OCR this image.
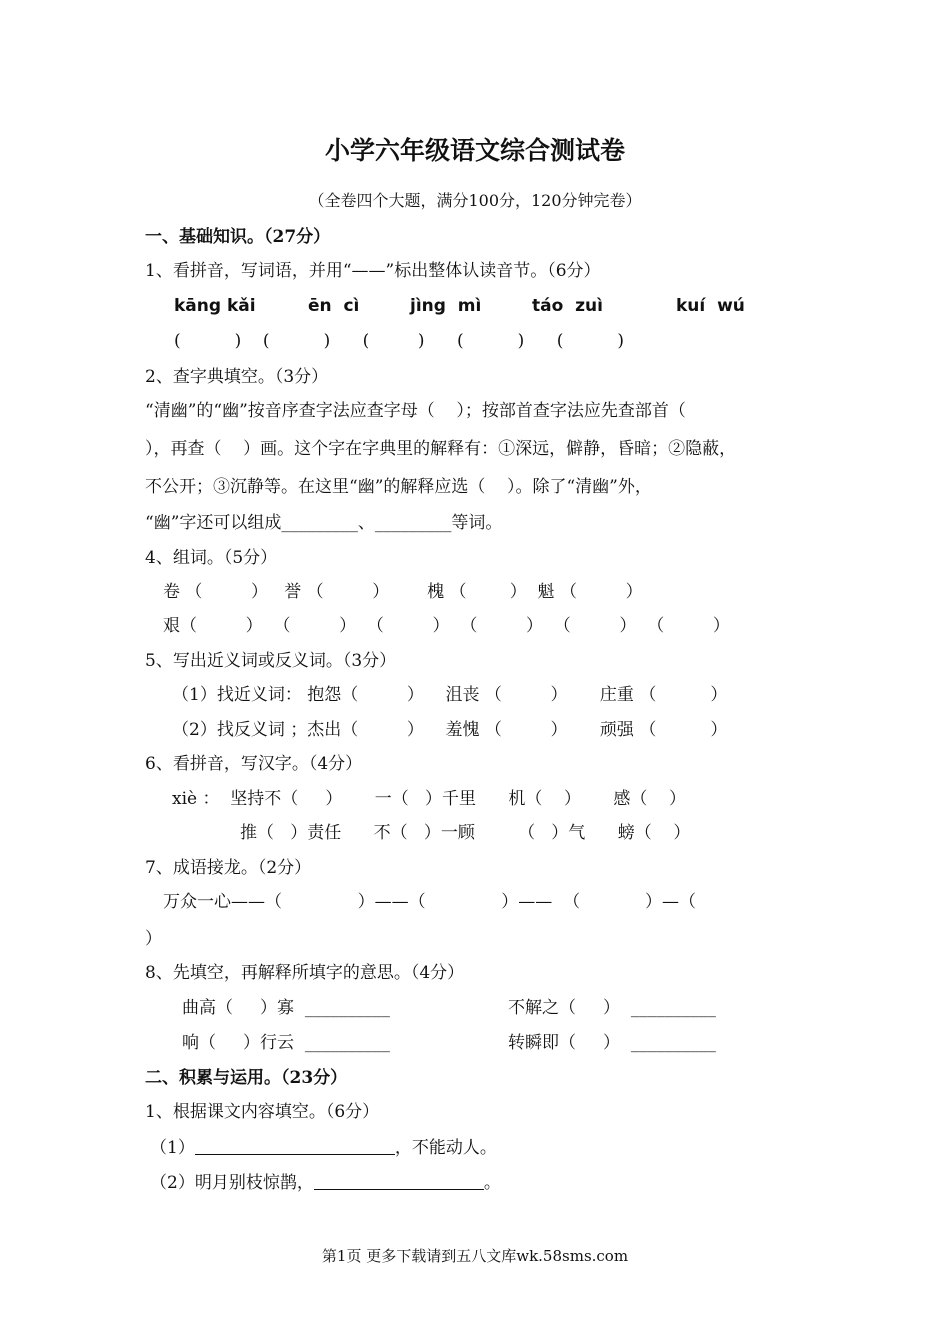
小学六年级语文综合测试卷
（全卷四个大题，满分100分，120分钟完卷）
一、基础知识。（27分）
1、看拼音，写词语，并用“——”标出整体认读音节。（6分）
kāng kǎi	ēn  cì	jìng  mì	táo  zuì	kuí  wú
(          )    (          )      (         )      (          )      (          )
2、查字典填空。（3分）
“清幽”的“幽”按音序查字法应查字母（    ）；按部首查字法应先查部首（
），再查（    ）画。这个字在字典里的解释有：①深远，僻静，昏暗；②隐蔽，
不公开；③沉静等。在这里“幽”的解释应选（    ）。除了“清幽”外，
“幽”字还可以组成_________、_________等词。
4、组词。（5分）
卷 （         ）   誉 （         ）       槐 （        ）  魁 （         ）
艰（         ）  （         ）  （         ）  （         ）  （         ）  （         ）
5、写出近义词或反义词。（3分）
（1）找近义词： 抱怨（         ）    沮丧 （         ）      庄重 （          ）
（2）找反义词 ；杰出（         ）    羞愧 （         ）      顽强 （          ）
6、看拼音，写汉字。（4分）
xiè ：  坚持不（     ）      一（   ）千里      机（    ）      感（    ）
推（   ）责任      不（   ）一顾        （   ）气      螃（    ）
7、成语接龙。（2分）
万众一心——（              ）——（              ）——  （            ）—（
）
8、先填空，再解释所填字的意思。（4分）
曲高（     ）寡  __________	不解之（     ）  __________
响（     ）行云  __________	转瞬即（     ）  __________
二、积累与运用。（23分）
1、根据课文内容填空。（6分）
（1）	，不能动人。
（2）明月别枝惊鹊，	。
第1页 更多下载请到五八文库wk.58sms.com
